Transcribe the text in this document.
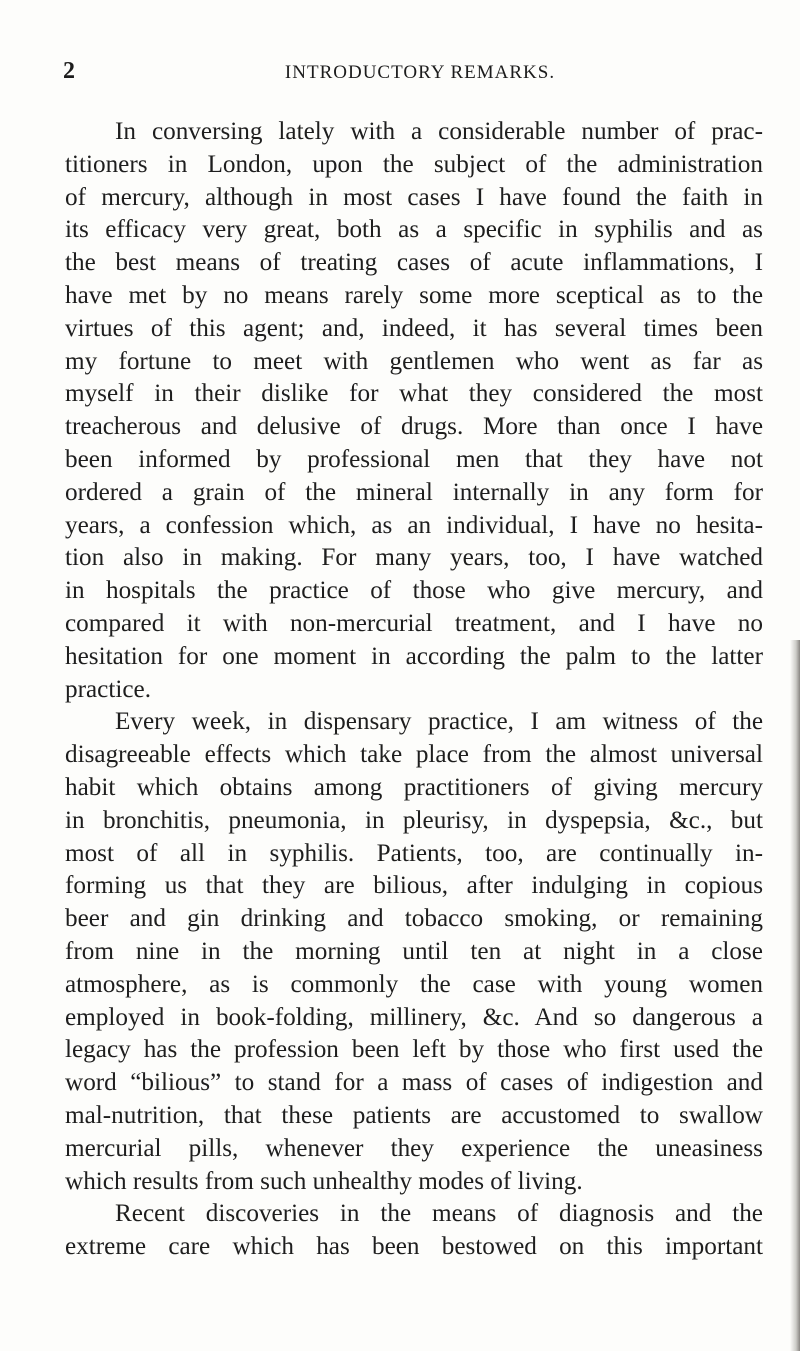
2	INTRODUCTORY REMARKS.
In conversing lately with a considerable number of prac-
titioners in London, upon the subject of the administration
of mercury, although in most cases I have found the faith in
its efficacy very great, both as a specific in syphilis and as
the best means of treating cases of acute inflammations, I
have met by no means rarely some more sceptical as to the
virtues of this agent; and, indeed, it has several times been
my fortune to meet with gentlemen who went as far as
myself in their dislike for what they considered the most
treacherous and delusive of drugs. More than once I have
been informed by professional men that they have not
ordered a grain of the mineral internally in any form for
years, a confession which, as an individual, I have no hesita-
tion also in making. For many years, too, I have watched
in hospitals the practice of those who give mercury, and
compared it with non-mercurial treatment, and I have no
hesitation for one moment in according the palm to the latter
practice.
Every week, in dispensary practice, I am witness of the
disagreeable effects which take place from the almost universal
habit which obtains among practitioners of giving mercury
in bronchitis, pneumonia, in pleurisy, in dyspepsia, &c., but
most of all in syphilis. Patients, too, are continually in-
forming us that they are bilious, after indulging in copious
beer and gin drinking and tobacco smoking, or remaining
from nine in the morning until ten at night in a close
atmosphere, as is commonly the case with young women
employed in book-folding, millinery, &c. And so dangerous a
legacy has the profession been left by those who first used the
word “bilious” to stand for a mass of cases of indigestion and
mal-nutrition, that these patients are accustomed to swallow
mercurial pills, whenever they experience the uneasiness
which results from such unhealthy modes of living.
Recent discoveries in the means of diagnosis and the
extreme care which has been bestowed on this important
